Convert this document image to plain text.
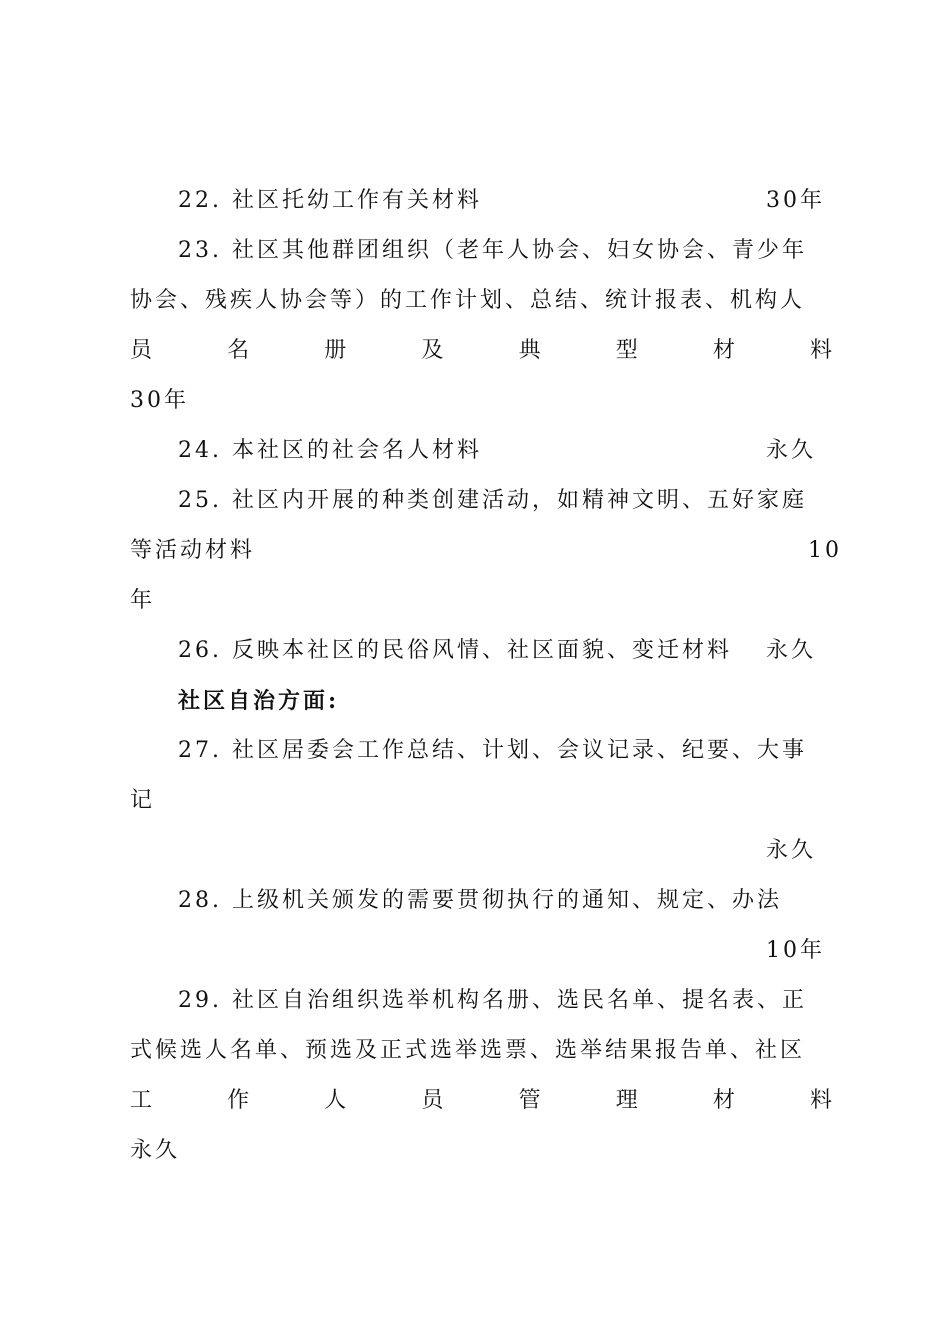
22. 社区托幼工作有关材料	30年
23. 社区其他群团组织（老年人协会、妇女协会、青少年
协会、残疾人协会等）的工作计划、总结、统计报表、机构人
员	名	册	及	典	型	材	料
30年
24. 本社区的社会名人材料	永久
25. 社区内开展的种类创建活动，如精神文明、五好家庭
等活动材料	10
年
26. 反映本社区的民俗风情、社区面貌、变迁材料 永久
社区自治方面:
27. 社区居委会工作总结、计划、会议记录、纪要、大事
记
永久
28. 上级机关颁发的需要贯彻执行的通知、规定、办法
10年
29. 社区自治组织选举机构名册、选民名单、提名表、正
式候选人名单、预选及正式选举选票、选举结果报告单、社区
工	作	人	员	管	理	材	料
永久
